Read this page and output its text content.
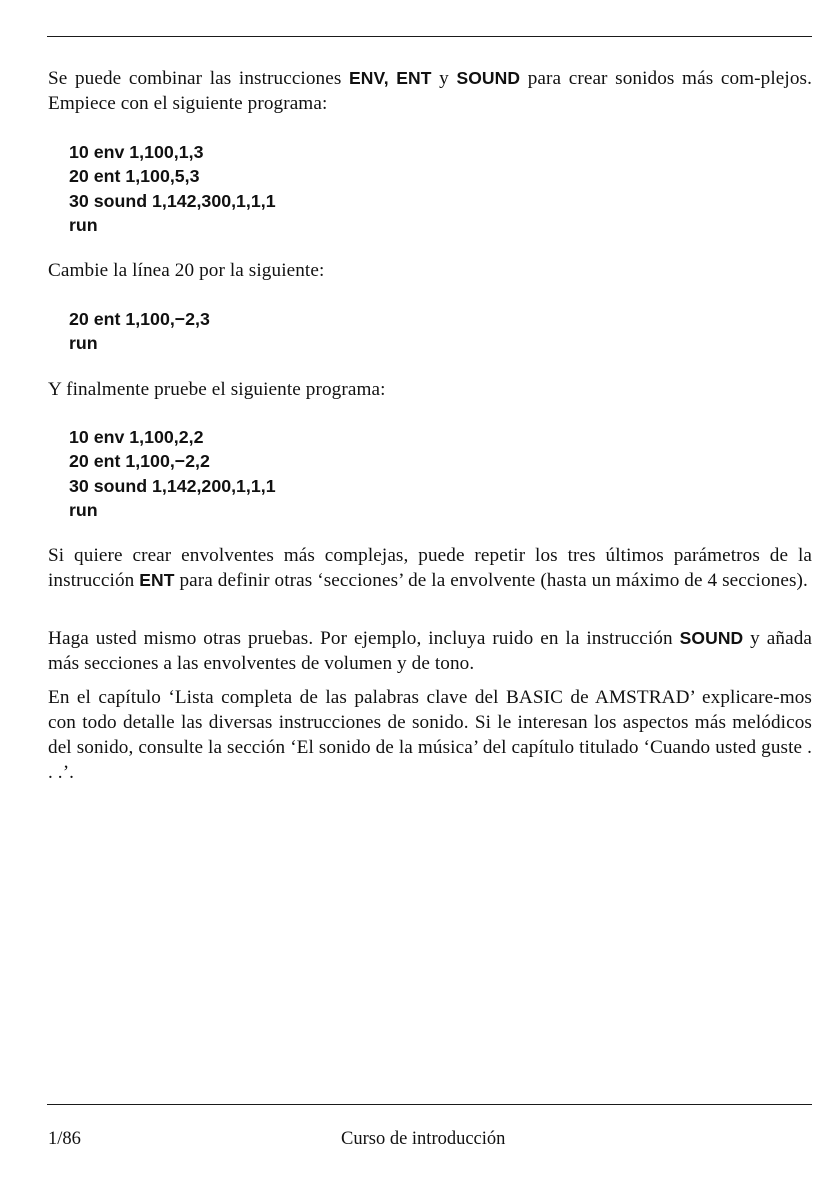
Se puede combinar las instrucciones ENV, ENT y SOUND para crear sonidos más com-plejos. Empiece con el siguiente programa:

10 env 1,100,1,3
20 ent 1,100,5,3
30 sound 1,142,300,1,1,1
run

Cambie la línea 20 por la siguiente:

20 ent 1,100,−2,3
run

Y finalmente pruebe el siguiente programa:

10 env 1,100,2,2
20 ent 1,100,−2,2
30 sound 1,142,200,1,1,1
run

Si quiere crear envolventes más complejas, puede repetir los tres últimos parámetros de la instrucción ENT para definir otras ‘secciones’ de la envolvente (hasta un máximo de 4 secciones).

Haga usted mismo otras pruebas. Por ejemplo, incluya ruido en la instrucción SOUND y añada más secciones a las envolventes de volumen y de tono.

En el capítulo ‘Lista completa de las palabras clave del BASIC de AMSTRAD’ explicare-mos con todo detalle las diversas instrucciones de sonido. Si le interesan los aspectos más melódicos del sonido, consulte la sección ‘El sonido de la música’ del capítulo titulado ‘Cuando usted guste . . .’.

1/86	Curso de introducción
